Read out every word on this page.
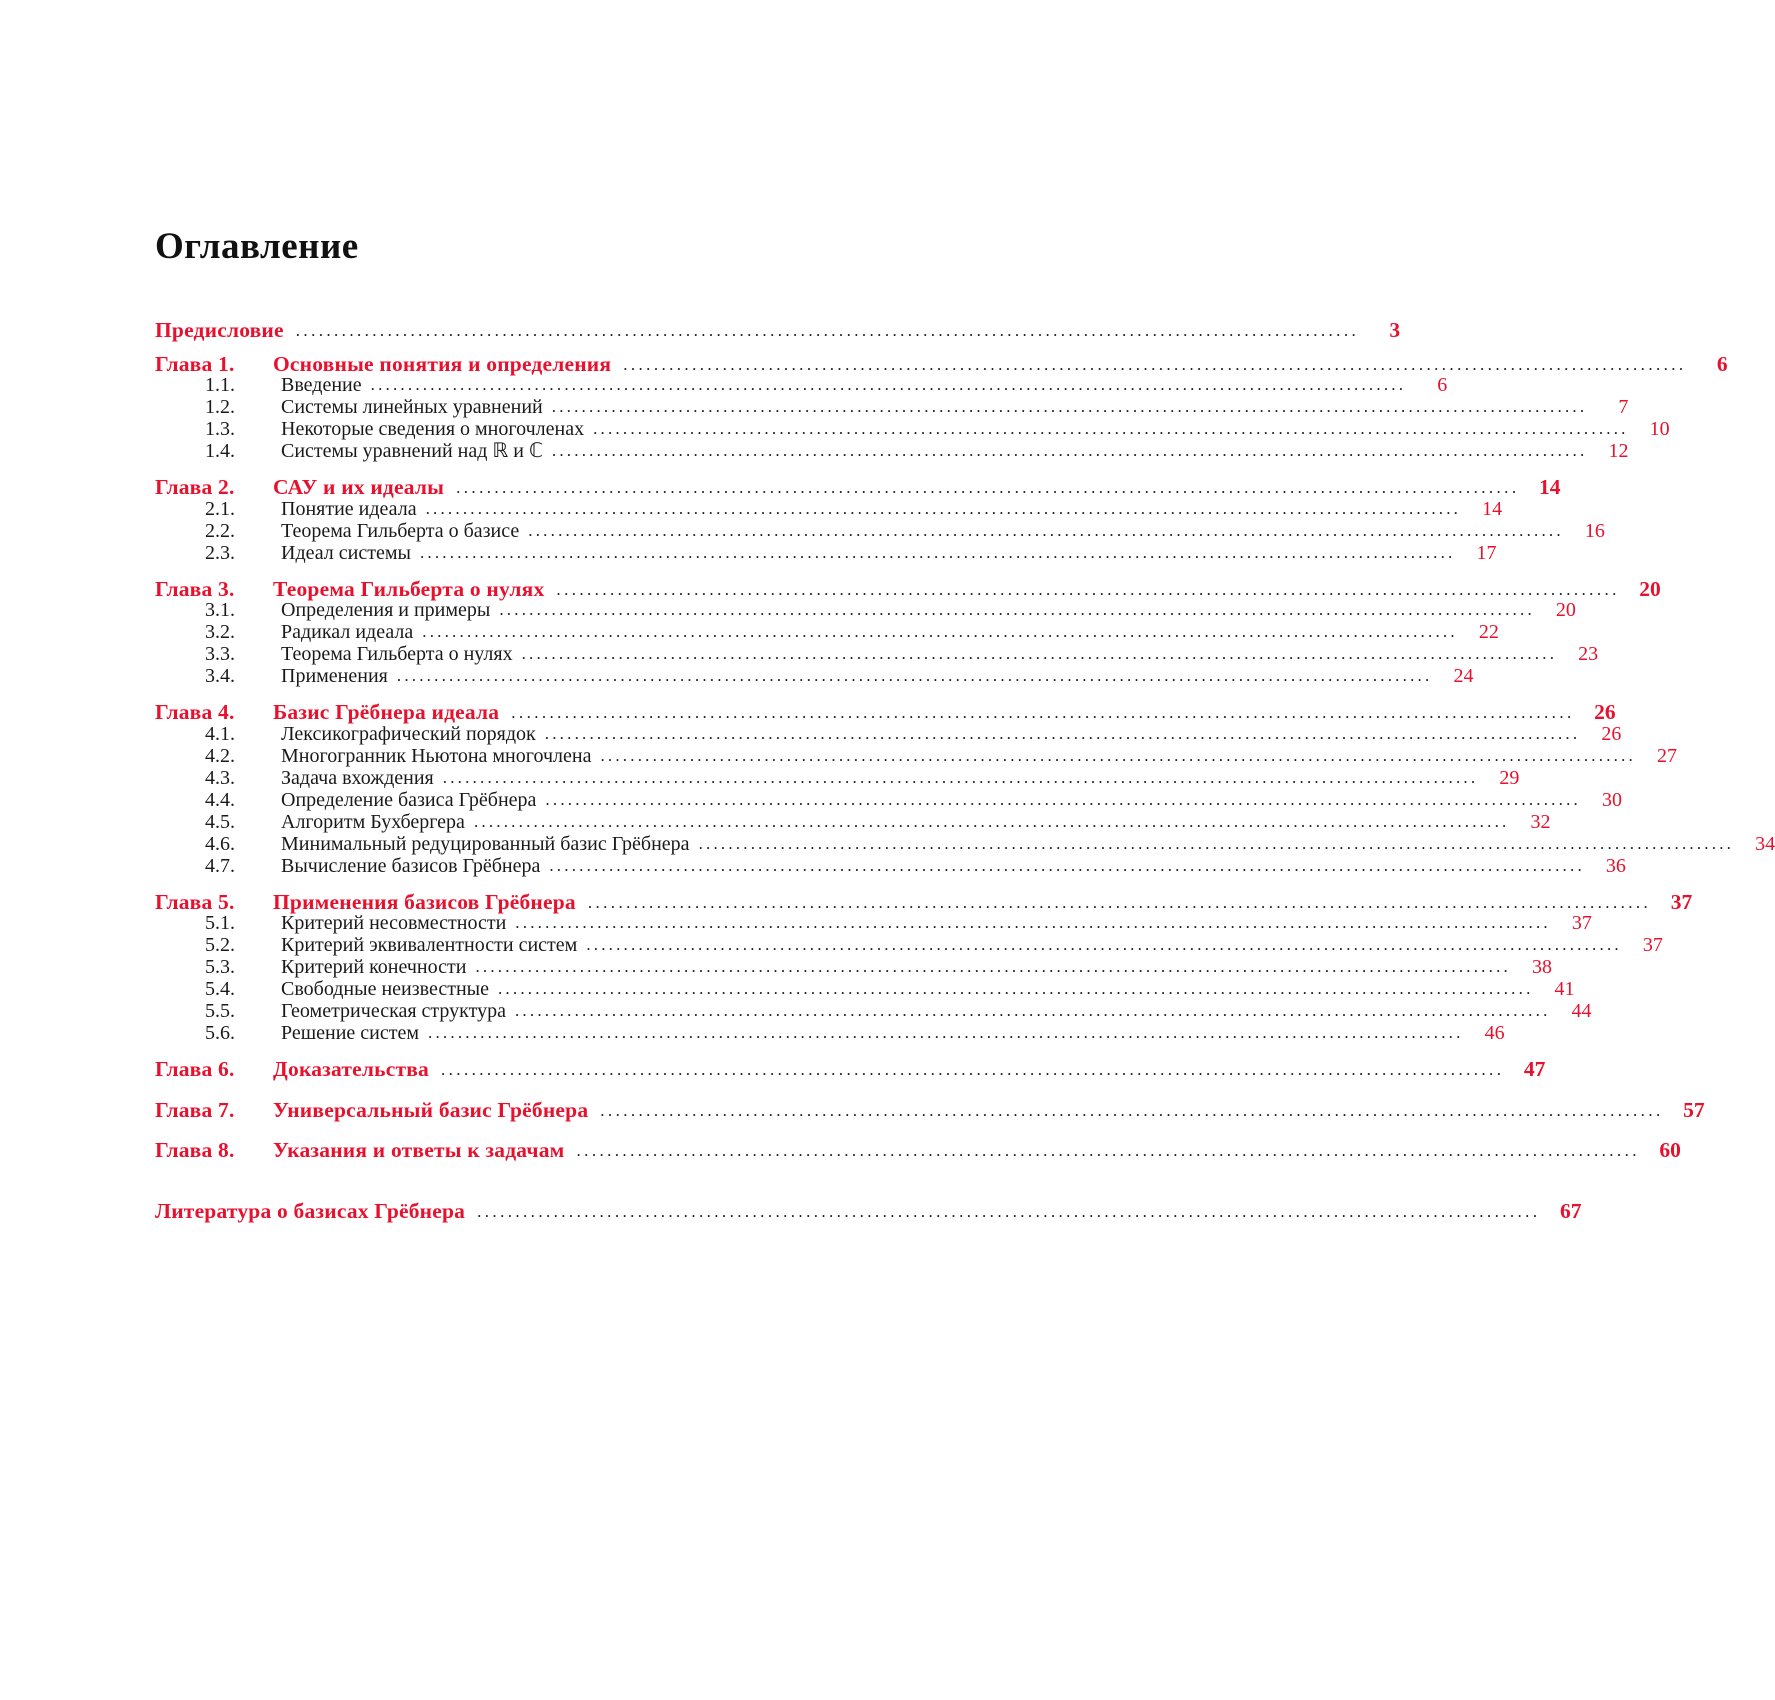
Оглавление
Предисловие ...........................................................................................................................................	3
Глава 1.	Основные понятия и определения ...........................................................................................................................................	6
1.1.	Введение ...........................................................................................................................................	6
1.2.	Системы линейных уравнений ...........................................................................................................................................	7
1.3.	Некоторые сведения о многочленах ...........................................................................................................................................	10
1.4.	Системы уравнений над ℝ и ℂ ...........................................................................................................................................	12
Глава 2.	САУ и их идеалы ........................................................................................................................................... 14
2.1.	Понятие идеала ...........................................................................................................................................	14
2.2.	Теорема Гильберта о базисе ...........................................................................................................................................	16
2.3.	Идеал системы ...........................................................................................................................................	17
Глава 3.	Теорема Гильберта о нулях ........................................................................................................................................... 20
3.1.	Определения и примеры ...........................................................................................................................................	20
3.2.	Радикал идеала ...........................................................................................................................................	22
3.3.	Теорема Гильберта о нулях ...........................................................................................................................................	23
3.4.	Применения ...........................................................................................................................................	24
Глава 4.	Базис Грёбнера идеала ........................................................................................................................................... 26
4.1.	Лексикографический порядок ...........................................................................................................................................	26
4.2.	Многогранник Ньютона многочлена ...........................................................................................................................................	27
4.3.	Задача вхождения ...........................................................................................................................................	29
4.4.	Определение базиса Грёбнера ...........................................................................................................................................	30
4.5.	Алгоритм Бухбергера ...........................................................................................................................................	32
4.6.	Минимальный редуцированный базис Грёбнера ...........................................................................................................................................	34
4.7.	Вычисление базисов Грёбнера ...........................................................................................................................................	36
Глава 5.	Применения базисов Грёбнера ........................................................................................................................................... 37
5.1.	Критерий несовместности ...........................................................................................................................................	37
5.2.	Критерий эквивалентности систем ...........................................................................................................................................	37
5.3.	Критерий конечности ...........................................................................................................................................	38
5.4.	Свободные неизвестные ...........................................................................................................................................	41
5.5.	Геометрическая структура ...........................................................................................................................................	44
5.6.	Решение систем ...........................................................................................................................................	46
Глава 6.	Доказательства ........................................................................................................................................... 47
Глава 7.	Универсальный базис Грёбнера ........................................................................................................................................... 57
Глава 8.	Указания и ответы к задачам ........................................................................................................................................... 60
Литература о базисах Грёбнера ........................................................................................................................................... 67
